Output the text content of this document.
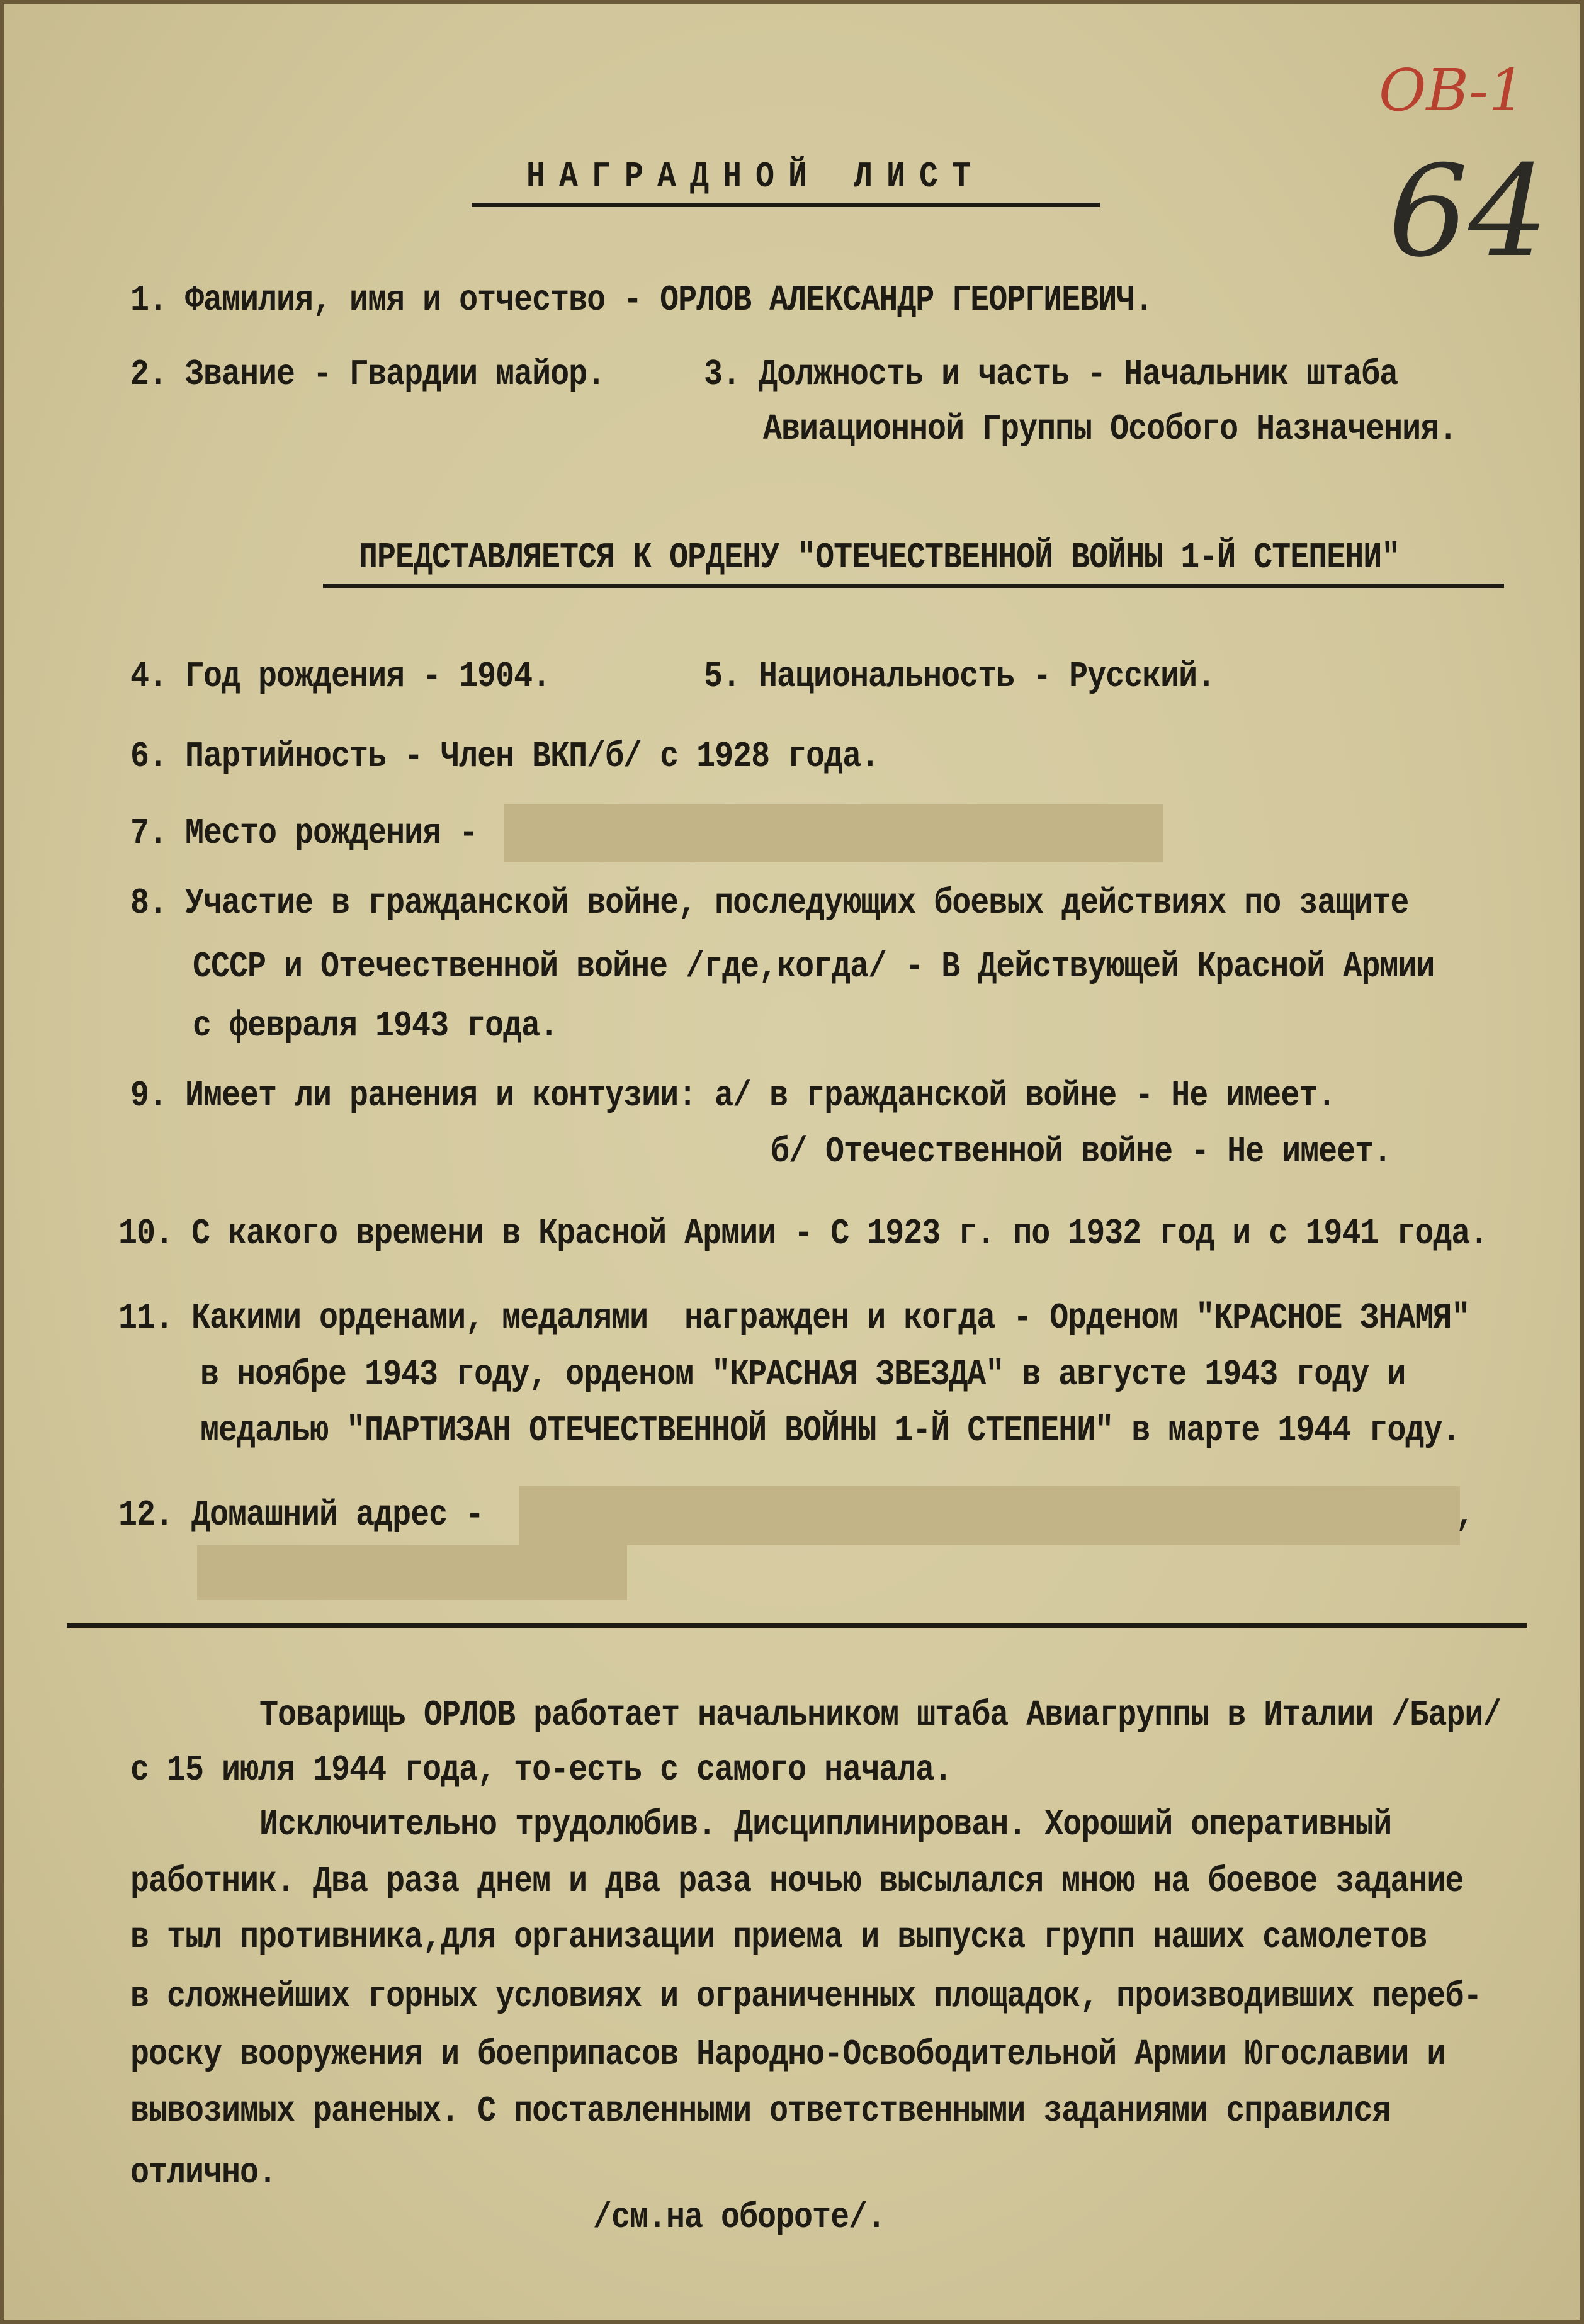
ОВ-1
64
НАГРАДНОЙ ЛИСТ
1. Фамилия, имя и отчество - ОРЛОВ АЛЕКСАНДР ГЕОРГИЕВИЧ.
2. Звание - Гвардии майор.	3. Должность и часть - Начальник штаба
Авиационной Группы Особого Назначения.
ПРЕДСТАВЛЯЕТСЯ К ОРДЕНУ "ОТЕЧЕСТВЕННОЙ ВОЙНЫ 1-Й СТЕПЕНИ"
4. Год рождения - 1904.	5. Национальность - Русский.
6. Партийность - Член ВКП/б/ с 1928 года.
7. Место рождения -
8. Участие в гражданской войне, последующих боевых действиях по защите
СССР и Отечественной войне /где,когда/ - В Действующей Красной Армии
с февраля 1943 года.
9. Имеет ли ранения и контузии: а/ в гражданской войне - Не имеет.
б/ Отечественной войне - Не имеет.
10. С какого времени в Красной Армии - С 1923 г. по 1932 год и с 1941 года.
11. Какими орденами, медалями  награжден и когда - Орденом "КРАСНОЕ ЗНАМЯ"
в ноябре 1943 году, орденом "КРАСНАЯ ЗВЕЗДА" в августе 1943 году и
медалью "ПАРТИЗАН ОТЕЧЕСТВЕННОЙ ВОЙНЫ 1-Й СТЕПЕНИ" в марте 1944 году.
12. Домашний адрес -	,
Товарищь ОРЛОВ работает начальником штаба Авиагруппы в Италии /Бари/
с 15 июля 1944 года, то-есть с самого начала.
Исключительно трудолюбив. Дисциплинирован. Хороший оперативный
работник. Два раза днем и два раза ночью высылался мною на боевое задание
в тыл противника,для организации приема и выпуска групп наших самолетов
в сложнейших горных условиях и ограниченных площадок, производивших переб-
роску вооружения и боеприпасов Народно-Освободительной Армии Югославии и
вывозимых раненых. С поставленными ответственными заданиями справился
отлично.
/см.на обороте/.
